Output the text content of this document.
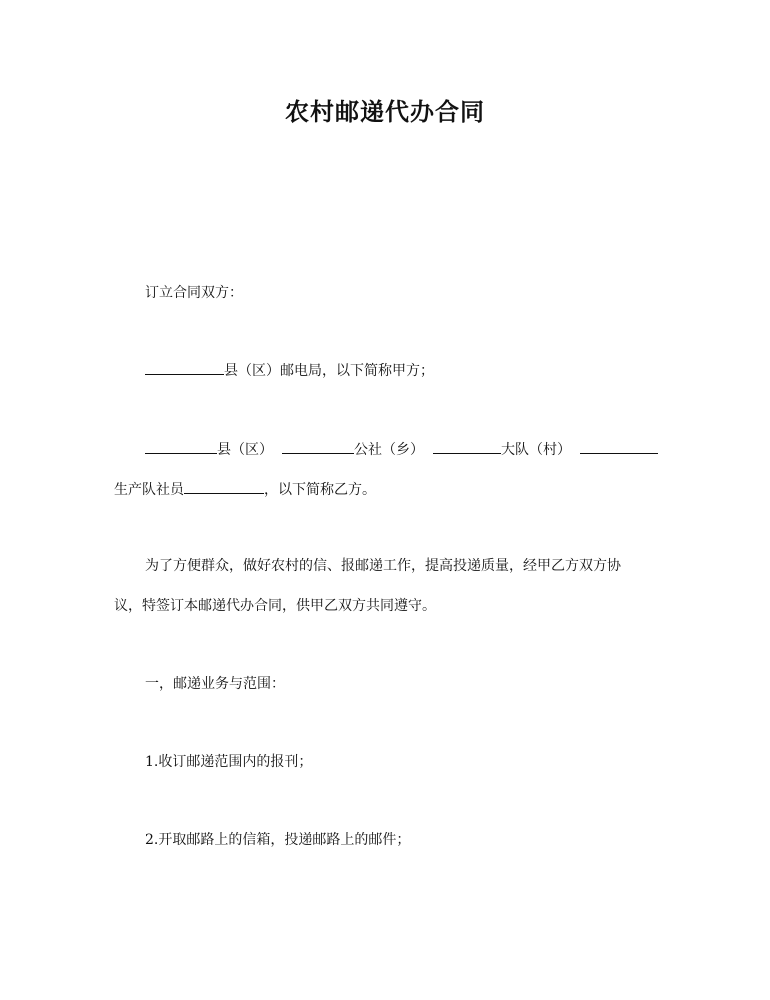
农村邮递代办合同

订立合同双方：

县（区）邮电局，以下简称甲方；

县（区）	公社（乡）	大队（村）

生产队社员	，以下简称乙方。

为了方便群众，做好农村的信、报邮递工作，提高投递质量，经甲乙方双方协

议，特签订本邮递代办合同，供甲乙双方共同遵守。

一，邮递业务与范围：

1.收订邮递范围内的报刊；

2.开取邮路上的信箱，投递邮路上的邮件；
